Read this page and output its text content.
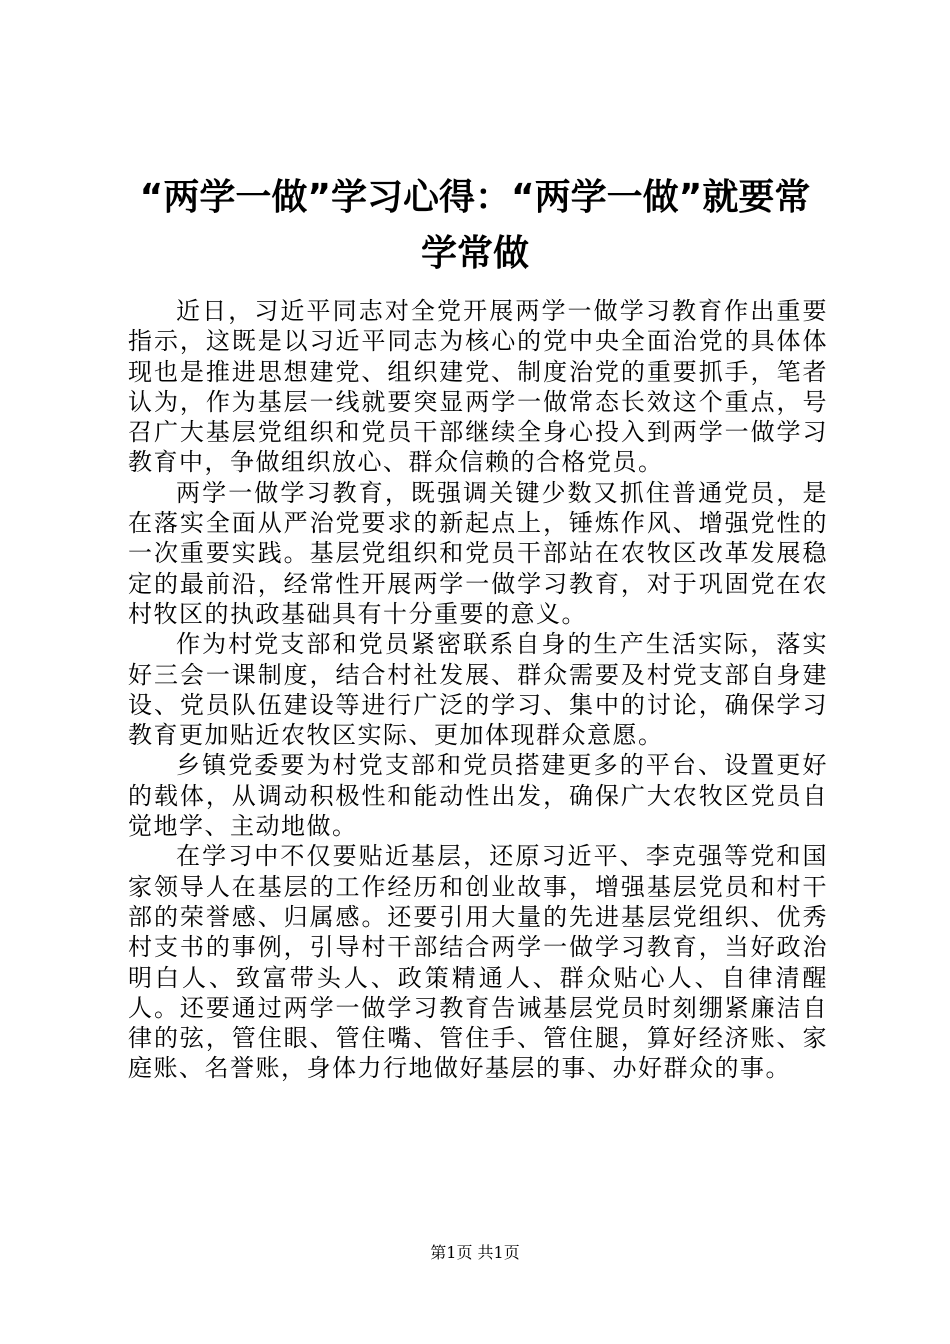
“两学一做”学习心得：“两学一做”就要常学常做

近日，习近平同志对全党开展两学一做学习教育作出重要指示，这既是以习近平同志为核心的党中央全面治党的具体体现也是推进思想建党、组织建党、制度治党的重要抓手，笔者认为，作为基层一线就要突显两学一做常态长效这个重点，号召广大基层党组织和党员干部继续全身心投入到两学一做学习教育中，争做组织放心、群众信赖的合格党员。

两学一做学习教育，既强调关键少数又抓住普通党员，是在落实全面从严治党要求的新起点上，锤炼作风、增强党性的一次重要实践。基层党组织和党员干部站在农牧区改革发展稳定的最前沿，经常性开展两学一做学习教育，对于巩固党在农村牧区的执政基础具有十分重要的意义。

作为村党支部和党员紧密联系自身的生产生活实际，落实好三会一课制度，结合村社发展、群众需要及村党支部自身建设、党员队伍建设等进行广泛的学习、集中的讨论，确保学习教育更加贴近农牧区实际、更加体现群众意愿。

乡镇党委要为村党支部和党员搭建更多的平台、设置更好的载体，从调动积极性和能动性出发，确保广大农牧区党员自觉地学、主动地做。

在学习中不仅要贴近基层，还原习近平、李克强等党和国家领导人在基层的工作经历和创业故事，增强基层党员和村干部的荣誉感、归属感。还要引用大量的先进基层党组织、优秀村支书的事例，引导村干部结合两学一做学习教育，当好政治明白人、致富带头人、政策精通人、群众贴心人、自律清醒人。还要通过两学一做学习教育告诫基层党员时刻绷紧廉洁自律的弦，管住眼、管住嘴、管住手、管住腿，算好经济账、家庭账、名誉账，身体力行地做好基层的事、办好群众的事。

第1页 共1页
